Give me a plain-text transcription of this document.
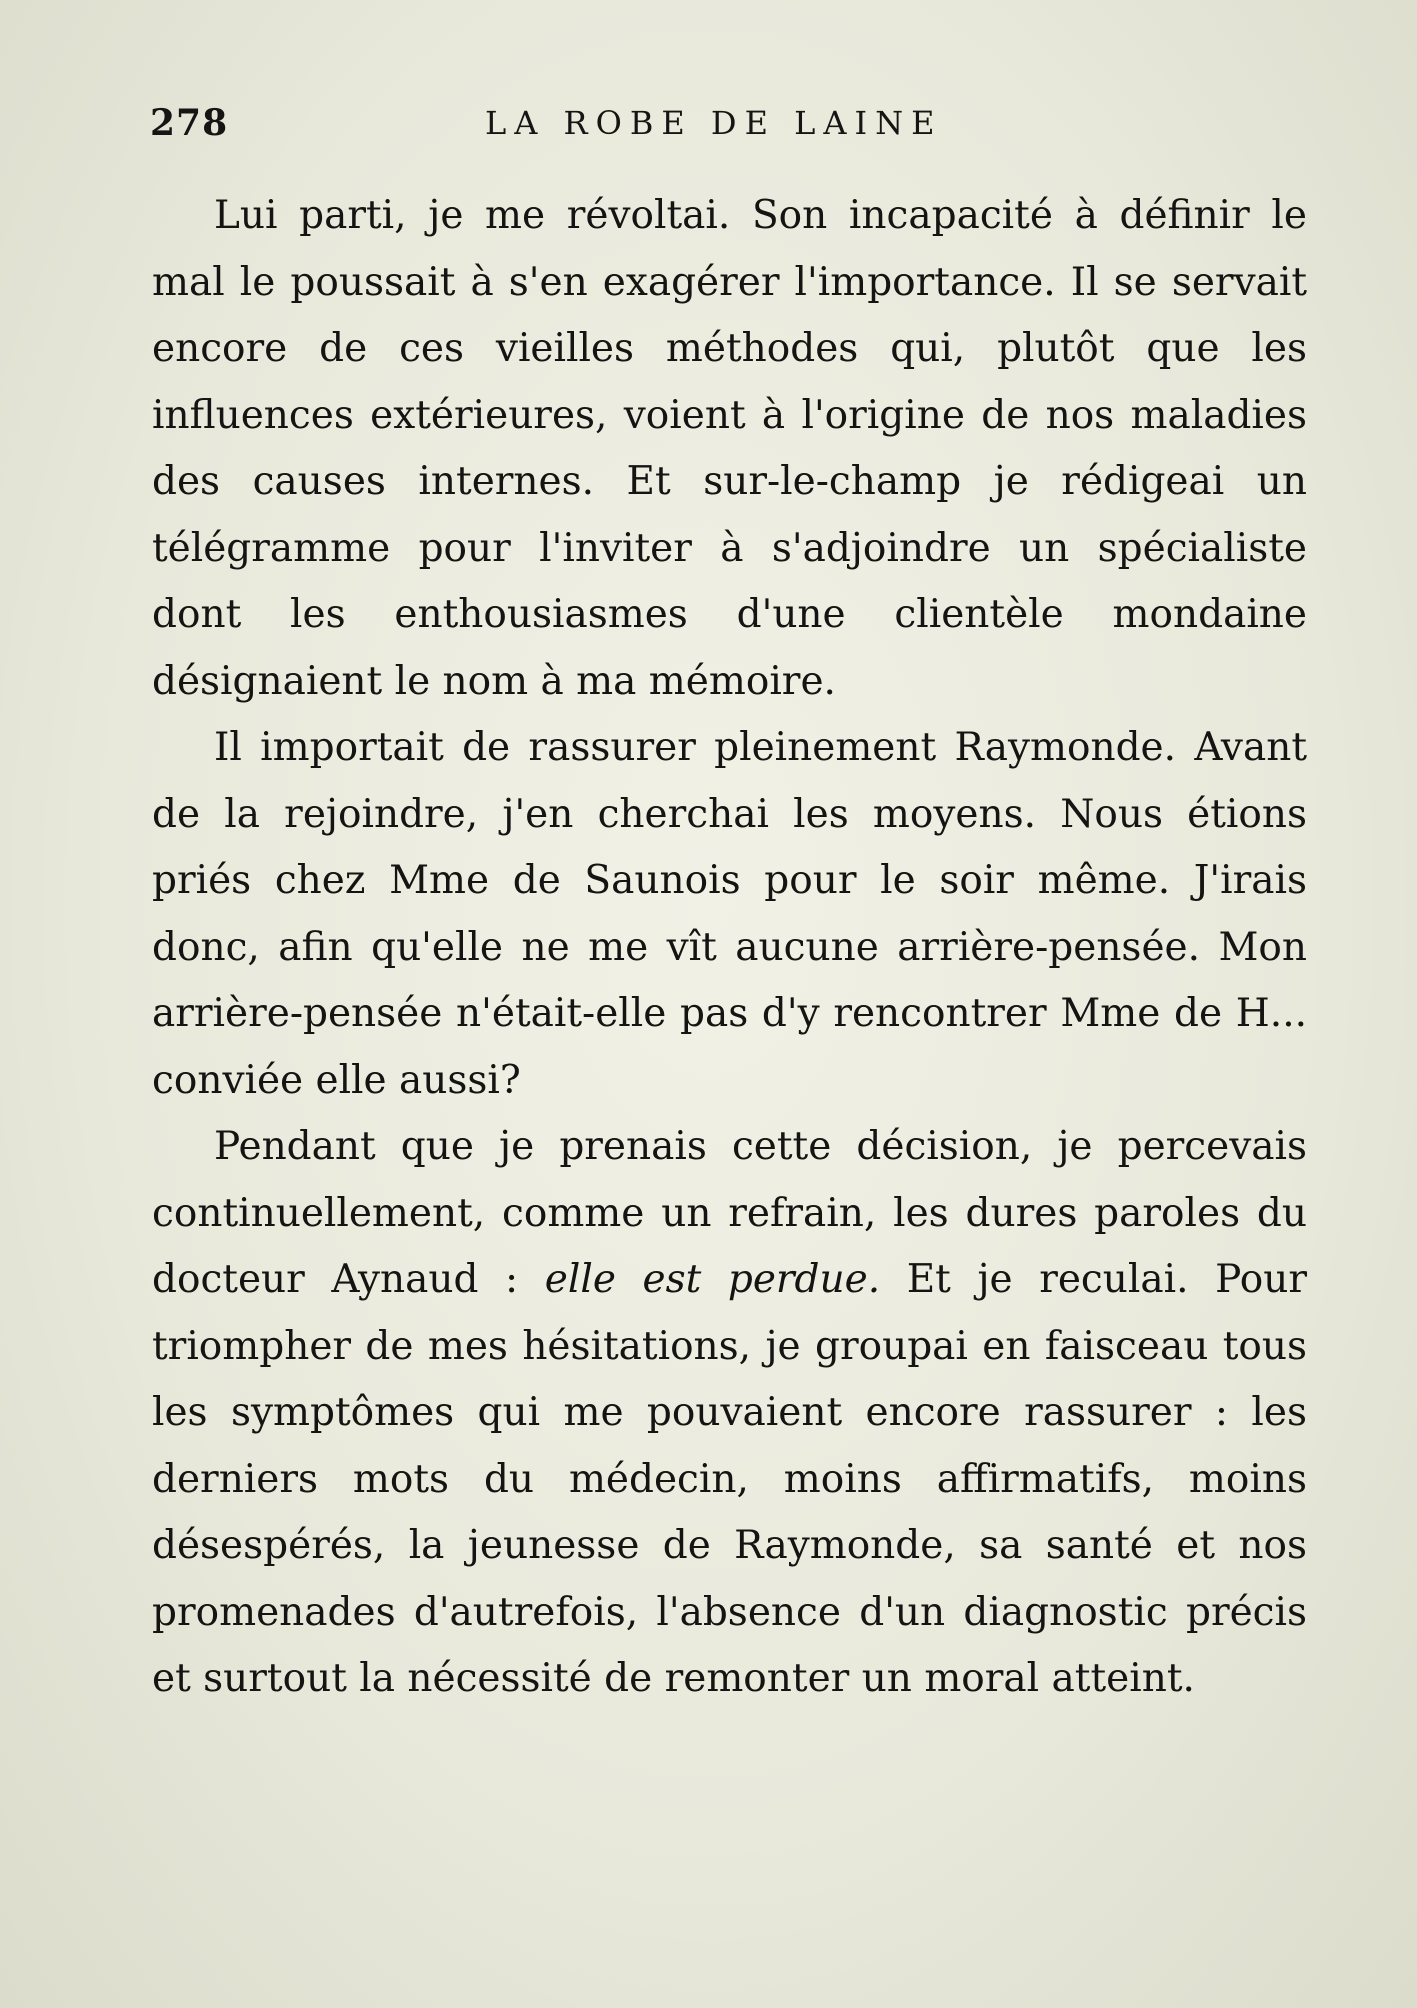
278	LA ROBE DE LAINE

Lui parti, je me révoltai. Son incapacité à définir le mal le poussait à s'en exagérer l'importance. Il se servait encore de ces vieilles méthodes qui, plutôt que les influences extérieures, voient à l'origine de nos maladies des causes internes. Et sur-le-champ je rédigeai un télégramme pour l'inviter à s'adjoindre un spécialiste dont les enthousiasmes d'une clientèle mondaine désignaient le nom à ma mémoire.

Il importait de rassurer pleinement Raymonde. Avant de la rejoindre, j'en cherchai les moyens. Nous étions priés chez Mme de Saunois pour le soir même. J'irais donc, afin qu'elle ne me vît aucune arrière-pensée. Mon arrière-pensée n'était-elle pas d'y rencontrer Mme de H... conviée elle aussi?

Pendant que je prenais cette décision, je percevais continuellement, comme un refrain, les dures paroles du docteur Aynaud : elle est perdue. Et je reculai. Pour triompher de mes hésitations, je groupai en faisceau tous les symptômes qui me pouvaient encore rassurer : les derniers mots du médecin, moins affirmatifs, moins désespérés, la jeunesse de Raymonde, sa santé et nos promenades d'autrefois, l'absence d'un diagnostic précis et surtout la nécessité de remonter un moral atteint.
